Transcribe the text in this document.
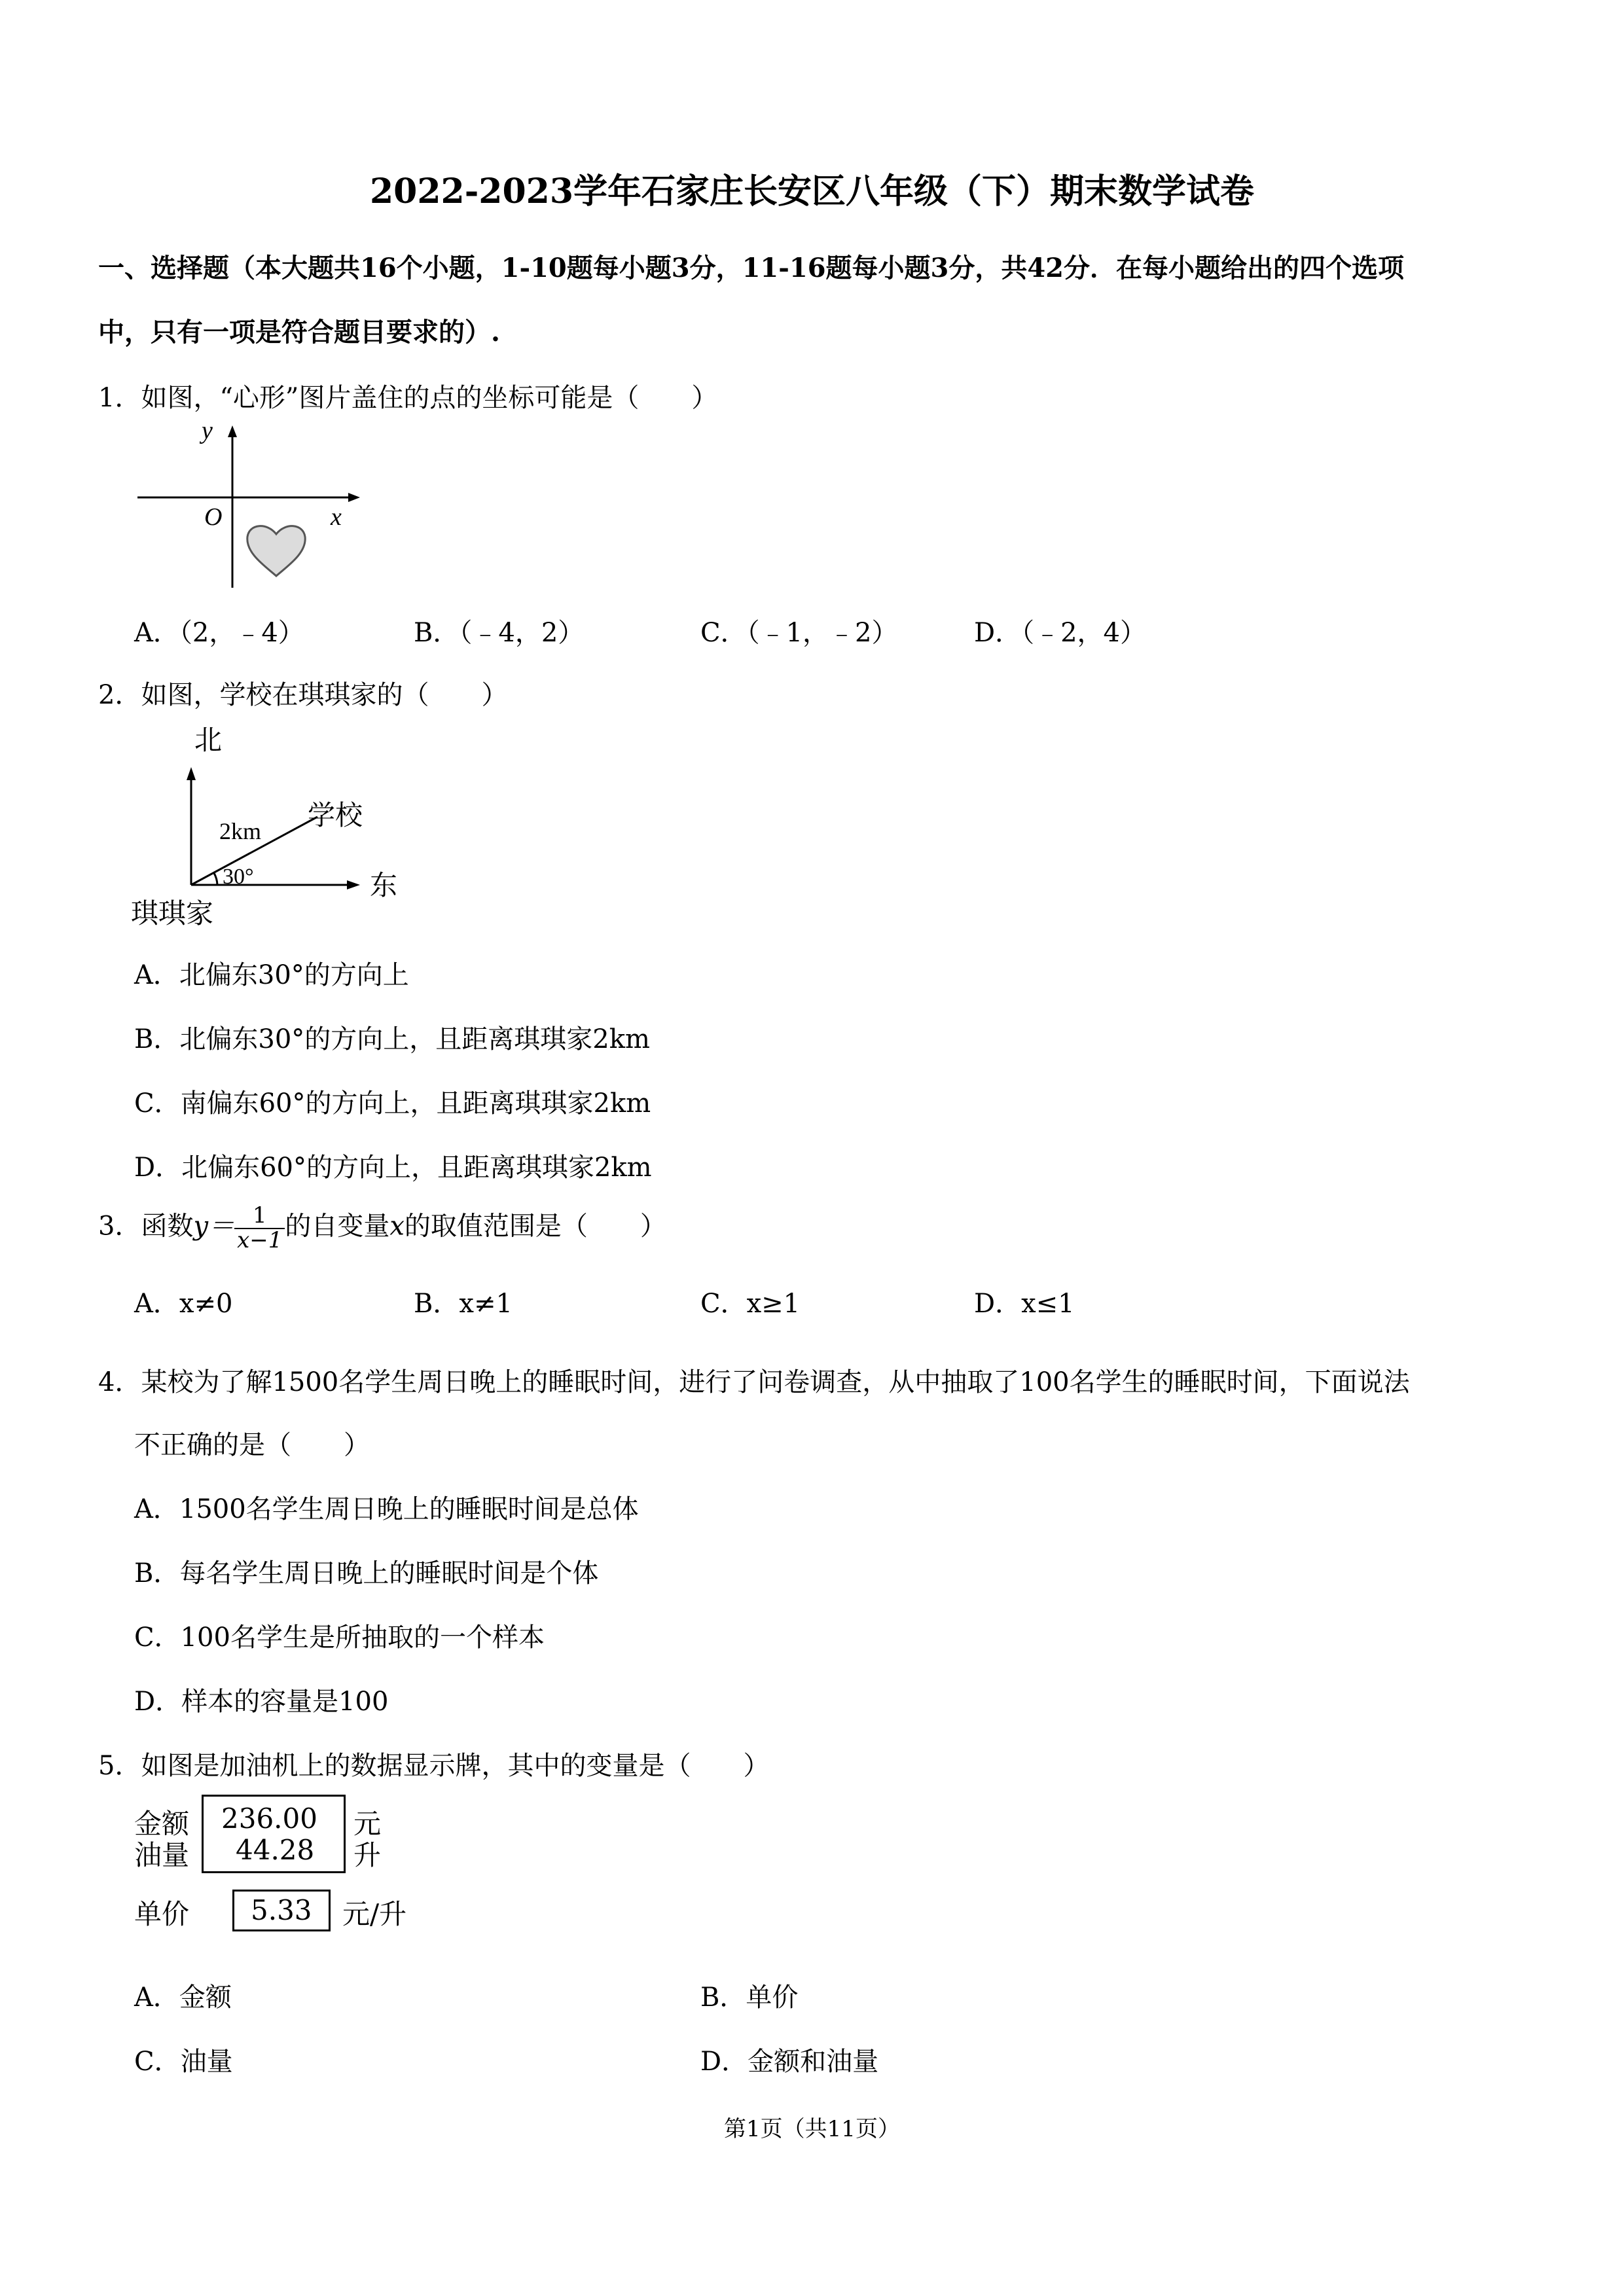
2022-2023学年石家庄长安区八年级（下）期末数学试卷
一、选择题（本大题共16个小题，1-10题每小题3分，11-16题每小题3分，共42分．在每小题给出的四个选项
中，只有一项是符合题目要求的）.
1．如图，“心形”图片盖住的点的坐标可能是（　　）
O
y
x
A．（2，﹣4）	B．（﹣4，2）	C．（﹣1，﹣2）	D．（﹣2，4）
2．如图，学校在琪琪家的（　　）
北
东
学校
2km
30°
琪琪家
A．北偏东30°的方向上
B．北偏东30°的方向上，且距离琪琪家2km
C．南偏东60°的方向上，且距离琪琪家2km
D．北偏东60°的方向上，且距离琪琪家2km
3．函数$y= \frac{1}{x-1}$ 的自变量x的取值范围是（　　）
A．x≠0	B．x≠1	C．x≥1	D．x≤1
4．某校为了解1500名学生周日晚上的睡眠时间，进行了问卷调查，从中抽取了100名学生的睡眠时间，下面说法
不正确的是（　　）
A．1500名学生周日晚上的睡眠时间是总体
B．每名学生周日晚上的睡眠时间是个体
C．100名学生是所抽取的一个样本
D．样本的容量是100
5．如图是加油机上的数据显示牌，其中的变量是（　　）
金额
油量
236.00
44.28
元
升
单价 5.33 元/升
A．金额	B．单价
C．油量	D．金额和油量
第1页（共11页）
